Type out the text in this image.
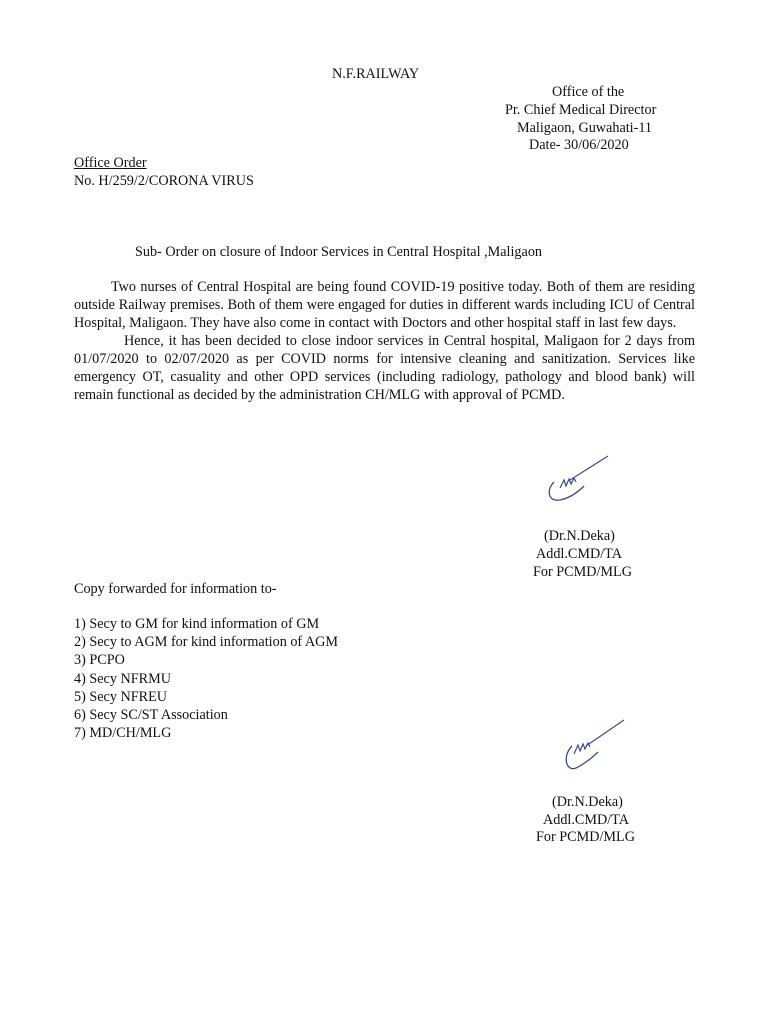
N.F.RAILWAY
Office of the
Pr. Chief Medical Director
Maligaon, Guwahati-11
Date- 30/06/2020
Office Order
No. H/259/2/CORONA VIRUS
Sub- Order on closure of Indoor Services in Central Hospital ,Maligaon

Two nurses of Central Hospital are being found COVID-19 positive today. Both of them are residing outside Railway premises. Both of them were engaged for duties in different wards including ICU of Central Hospital, Maligaon. They have also come in contact with Doctors and other hospital staff in last few days.

Hence, it has been decided to close indoor services in Central hospital, Maligaon for 2 days from 01/07/2020 to 02/07/2020 as per COVID norms for intensive cleaning and sanitization. Services like emergency OT, casuality and other OPD services (including radiology, pathology and blood bank) will remain functional as decided by the administration CH/MLG with approval of PCMD.

(Dr.N.Deka)
Addl.CMD/TA
For PCMD/MLG
Copy forwarded for information to-
1) Secy to GM for kind information of GM
2) Secy to AGM for kind information of AGM
3) PCPO
4) Secy NFRMU
5) Secy NFREU
6) Secy SC/ST Association
7) MD/CH/MLG
(Dr.N.Deka)
Addl.CMD/TA
For PCMD/MLG
